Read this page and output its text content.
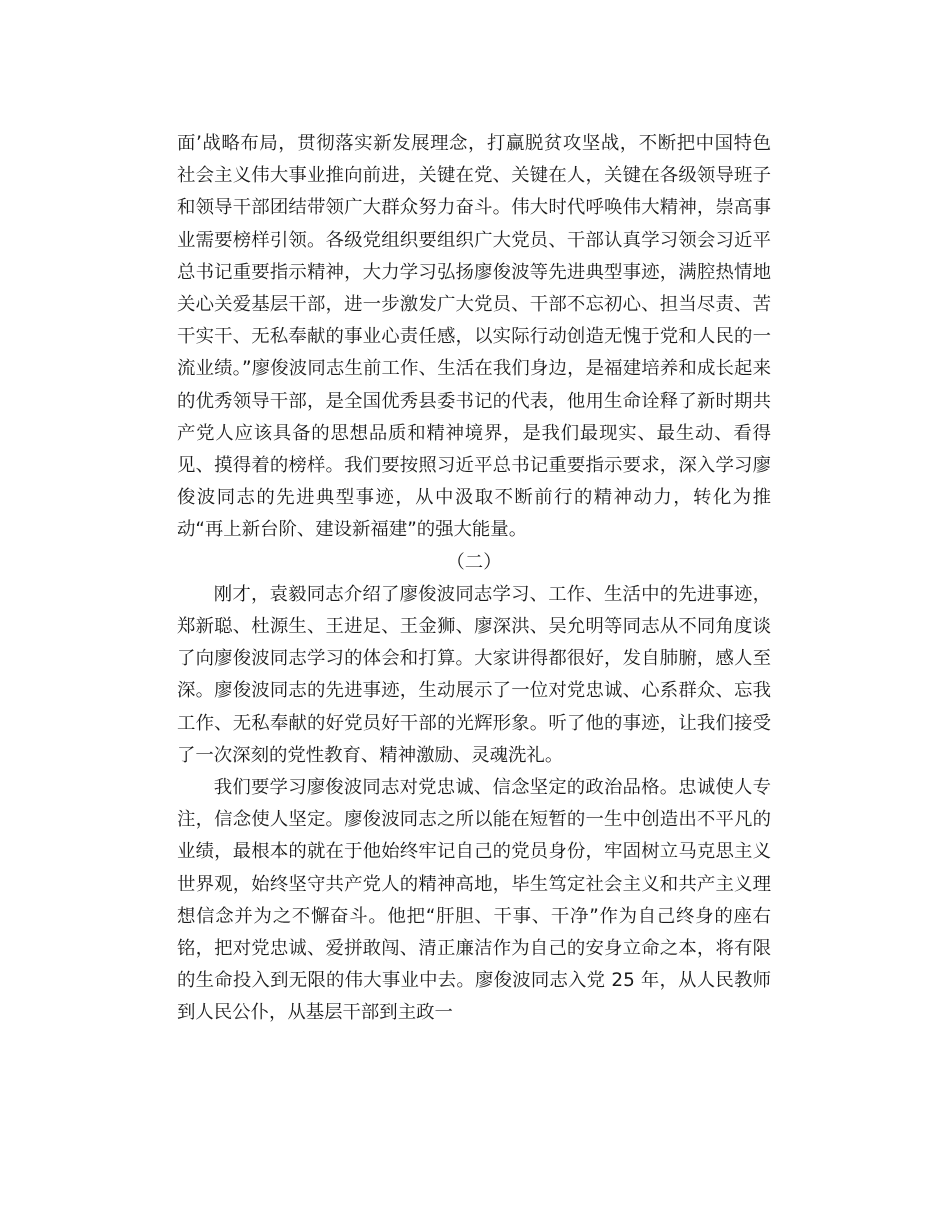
面’战略布局，贯彻落实新发展理念，打赢脱贫攻坚战，不断把中国特色社会主义伟大事业推向前进，关键在党、关键在人，关键在各级领导班子和领导干部团结带领广大群众努力奋斗。伟大时代呼唤伟大精神，崇高事业需要榜样引领。各级党组织要组织广大党员、干部认真学习领会习近平总书记重要指示精神，大力学习弘扬廖俊波等先进典型事迹，满腔热情地关心关爱基层干部，进一步激发广大党员、干部不忘初心、担当尽责、苦干实干、无私奉献的事业心责任感，以实际行动创造无愧于党和人民的一流业绩。”廖俊波同志生前工作、生活在我们身边，是福建培养和成长起来的优秀领导干部，是全国优秀县委书记的代表，他用生命诠释了新时期共产党人应该具备的思想品质和精神境界，是我们最现实、最生动、看得见、摸得着的榜样。我们要按照习近平总书记重要指示要求，深入学习廖俊波同志的先进典型事迹，从中汲取不断前行的精神动力，转化为推动“再上新台阶、建设新福建”的强大能量。

（二）

刚才，袁毅同志介绍了廖俊波同志学习、工作、生活中的先进事迹，郑新聪、杜源生、王进足、王金狮、廖深洪、吴允明等同志从不同角度谈了向廖俊波同志学习的体会和打算。大家讲得都很好，发自肺腑，感人至深。廖俊波同志的先进事迹，生动展示了一位对党忠诚、心系群众、忘我工作、无私奉献的好党员好干部的光辉形象。听了他的事迹，让我们接受了一次深刻的党性教育、精神激励、灵魂洗礼。

我们要学习廖俊波同志对党忠诚、信念坚定的政治品格。忠诚使人专注，信念使人坚定。廖俊波同志之所以能在短暂的一生中创造出不平凡的业绩，最根本的就在于他始终牢记自己的党员身份，牢固树立马克思主义世界观，始终坚守共产党人的精神高地，毕生笃定社会主义和共产主义理想信念并为之不懈奋斗。他把“肝胆、干事、干净”作为自己终身的座右铭，把对党忠诚、爱拼敢闯、清正廉洁作为自己的安身立命之本，将有限的生命投入到无限的伟大事业中去。廖俊波同志入党 25 年，从人民教师到人民公仆，从基层干部到主政一
